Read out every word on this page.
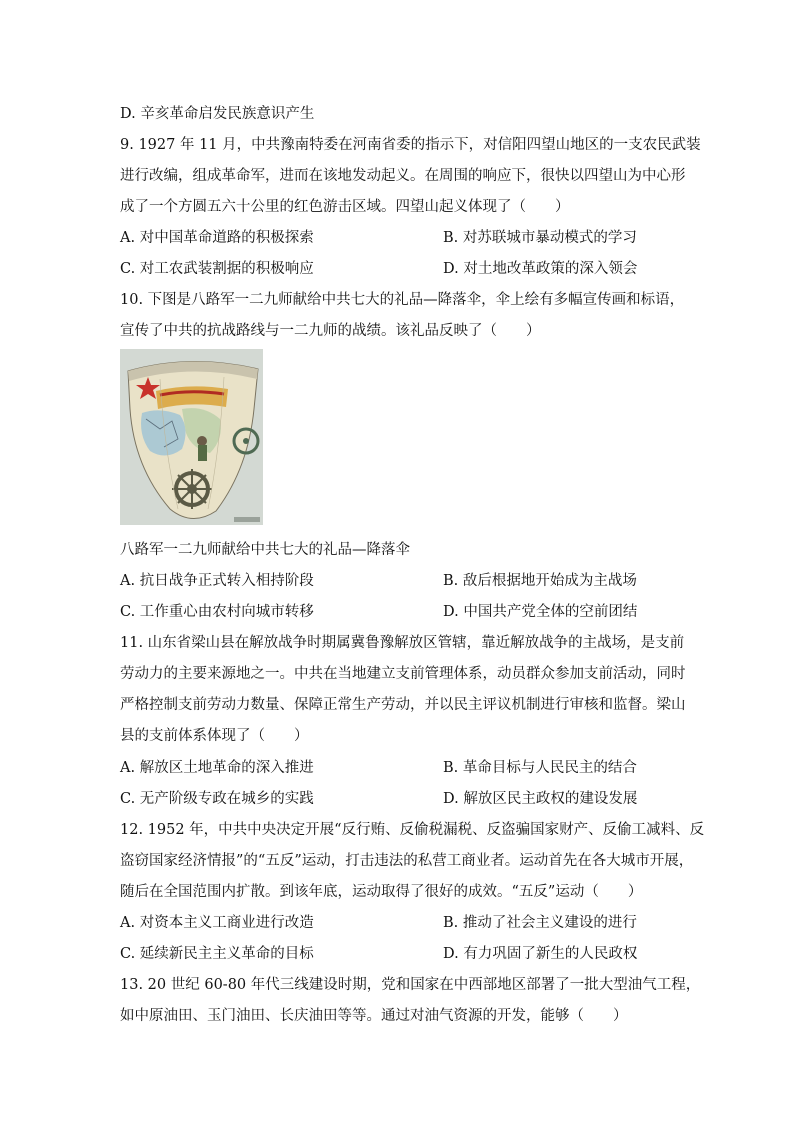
D. 辛亥革命启发民族意识产生
9. 1927 年 11 月，中共豫南特委在河南省委的指示下，对信阳四望山地区的一支农民武装
进行改编，组成革命军，进而在该地发动起义。在周围的响应下，很快以四望山为中心形
成了一个方圆五六十公里的红色游击区域。四望山起义体现了（　　）
A. 对中国革命道路的积极探索	B. 对苏联城市暴动模式的学习
C. 对工农武装割据的积极响应	D. 对土地改革政策的深入领会
10. 下图是八路军一二九师献给中共七大的礼品—降落伞，伞上绘有多幅宣传画和标语，
宣传了中共的抗战路线与一二九师的战绩。该礼品反映了（　　）
八路军一二九师献给中共七大的礼品—降落伞
A. 抗日战争正式转入相持阶段	B. 敌后根据地开始成为主战场
C. 工作重心由农村向城市转移	D. 中国共产党全体的空前团结
11. 山东省梁山县在解放战争时期属冀鲁豫解放区管辖，靠近解放战争的主战场，是支前
劳动力的主要来源地之一。中共在当地建立支前管理体系，动员群众参加支前活动，同时
严格控制支前劳动力数量、保障正常生产劳动，并以民主评议机制进行审核和监督。梁山
县的支前体系体现了（　　）
A. 解放区土地革命的深入推进	B. 革命目标与人民民主的结合
C. 无产阶级专政在城乡的实践	D. 解放区民主政权的建设发展
12. 1952 年，中共中央决定开展“反行贿、反偷税漏税、反盗骗国家财产、反偷工减料、反
盗窃国家经济情报”的“五反”运动，打击违法的私营工商业者。运动首先在各大城市开展，
随后在全国范围内扩散。到该年底，运动取得了很好的成效。“五反”运动（　　）
A. 对资本主义工商业进行改造	B. 推动了社会主义建设的进行
C. 延续新民主主义革命的目标	D. 有力巩固了新生的人民政权
13. 20 世纪 60-80 年代三线建设时期，党和国家在中西部地区部署了一批大型油气工程，
如中原油田、玉门油田、长庆油田等等。通过对油气资源的开发，能够（　　）
